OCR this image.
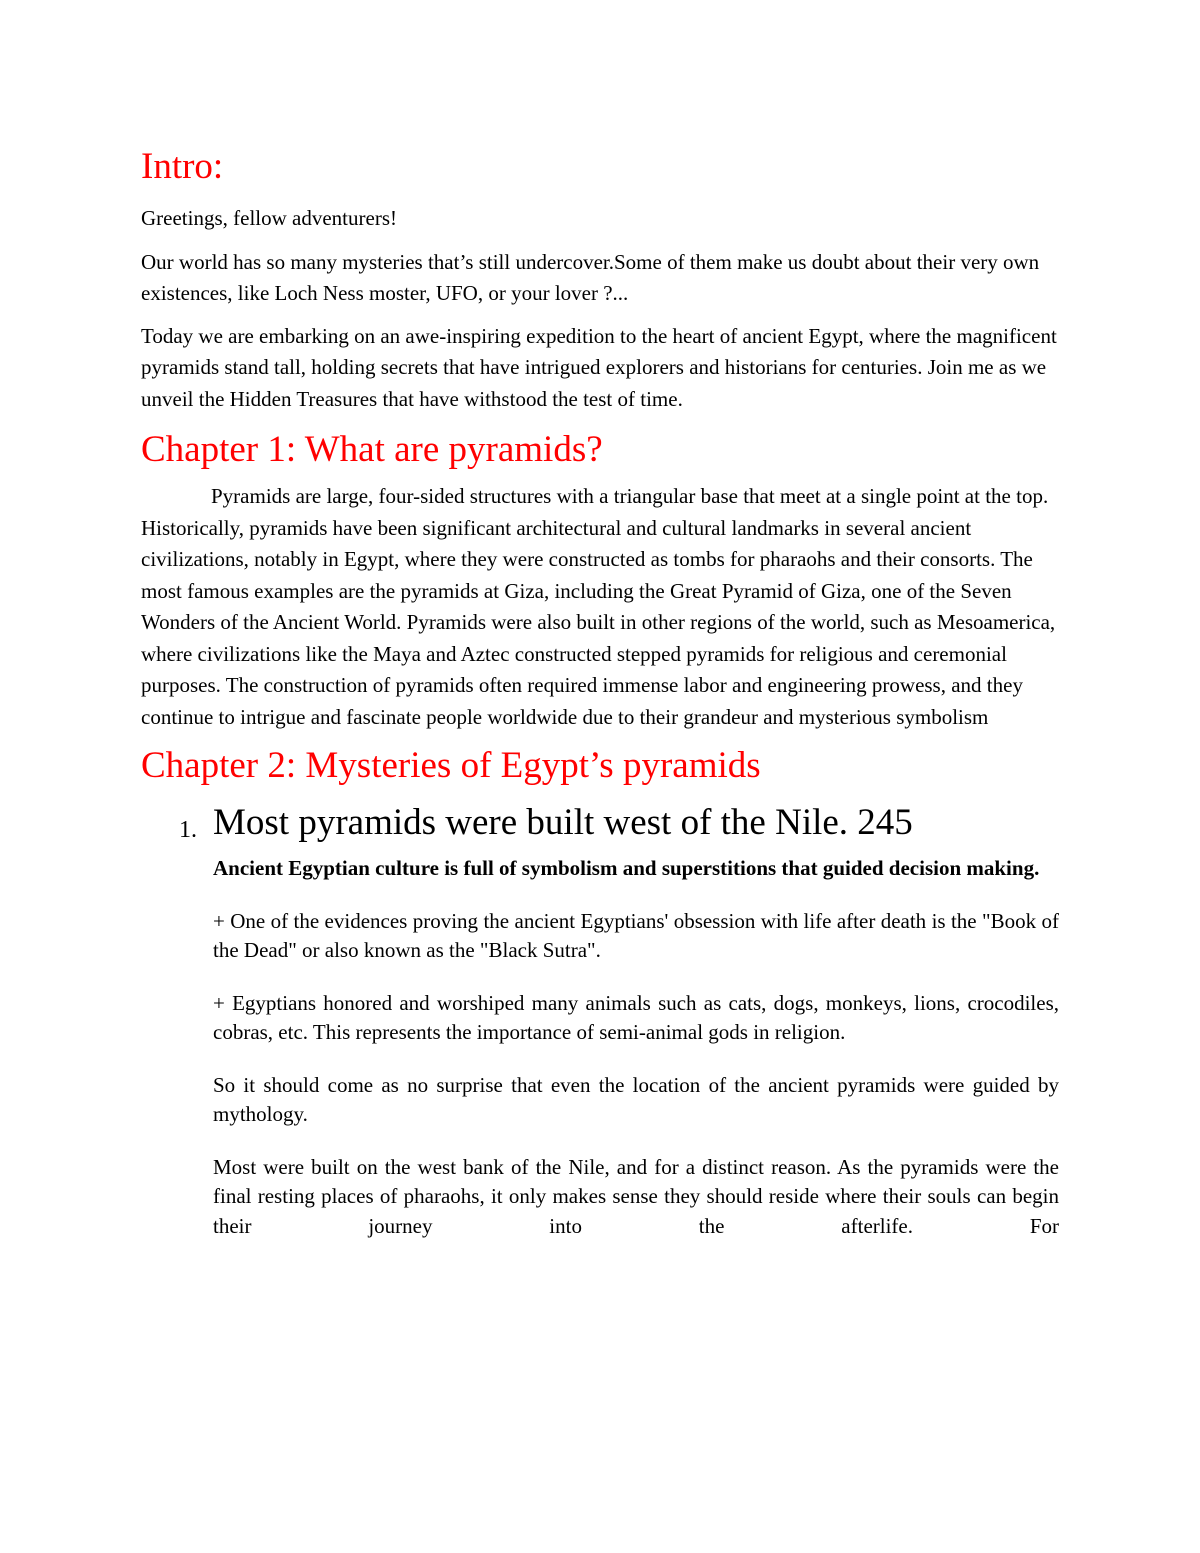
Intro:

Greetings, fellow adventurers!

Our world has so many mysteries that’s still undercover.Some of them make us doubt about their very own existences, like Loch Ness moster, UFO, or your lover ?...

Today we are embarking on an awe-inspiring expedition to the heart of ancient Egypt, where the magnificent pyramids stand tall, holding secrets that have intrigued explorers and historians for centuries. Join me as we unveil the Hidden Treasures that have withstood the test of time.

Chapter 1: What are pyramids?

Pyramids are large, four-sided structures with a triangular base that meet at a single point at the top. Historically, pyramids have been significant architectural and cultural landmarks in several ancient civilizations, notably in Egypt, where they were constructed as tombs for pharaohs and their consorts. The most famous examples are the pyramids at Giza, including the Great Pyramid of Giza, one of the Seven Wonders of the Ancient World. Pyramids were also built in other regions of the world, such as Mesoamerica, where civilizations like the Maya and Aztec constructed stepped pyramids for religious and ceremonial purposes. The construction of pyramids often required immense labor and engineering prowess, and they continue to intrigue and fascinate people worldwide due to their grandeur and mysterious symbolism

Chapter 2: Mysteries of Egypt’s pyramids
1. Most pyramids were built west of the Nile. 245

Ancient Egyptian culture is full of symbolism and superstitions that guided decision making.

+ One of the evidences proving the ancient Egyptians' obsession with life after death is the "Book of the Dead" or also known as the "Black Sutra".

+ Egyptians honored and worshiped many animals such as cats, dogs, monkeys, lions, crocodiles, cobras, etc. This represents the importance of semi-animal gods in religion.

So it should come as no surprise that even the location of the ancient pyramids were guided by mythology.

Most were built on the west bank of the Nile, and for a distinct reason. As the pyramids were the final resting places of pharaohs, it only makes sense they should reside where their souls can begin their journey into the afterlife. For
